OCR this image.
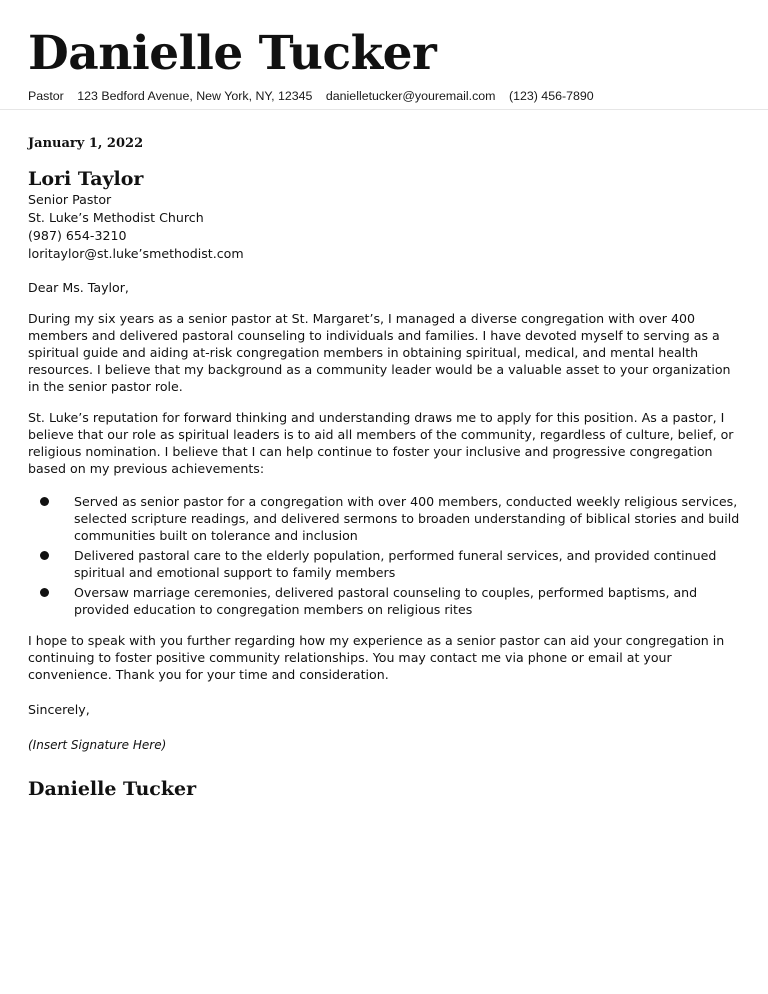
Danielle Tucker
Pastor 123 Bedford Avenue, New York, NY, 12345 danielletucker@youremail.com (123) 456-7890
January 1, 2022
Lori Taylor
Senior Pastor
St. Luke’s Methodist Church
(987) 654-3210
loritaylor@st.luke’smethodist.com

Dear Ms. Taylor,

During my six years as a senior pastor at St. Margaret’s, I managed a diverse congregation with over 400 members and delivered pastoral counseling to individuals and families. I have devoted myself to serving as a spiritual guide and aiding at-risk congregation members in obtaining spiritual, medical, and mental health resources. I believe that my background as a community leader would be a valuable asset to your organization in the senior pastor role.

St. Luke’s reputation for forward thinking and understanding draws me to apply for this position. As a pastor, I believe that our role as spiritual leaders is to aid all members of the community, regardless of culture, belief, or religious nomination. I believe that I can help continue to foster your inclusive and progressive congregation based on my previous achievements:

Served as senior pastor for a congregation with over 400 members, conducted weekly religious services, selected scripture readings, and delivered sermons to broaden understanding of biblical stories and build communities built on tolerance and inclusion
Delivered pastoral care to the elderly population, performed funeral services, and provided continued spiritual and emotional support to family members
Oversaw marriage ceremonies, delivered pastoral counseling to couples, performed baptisms, and provided education to congregation members on religious rites

I hope to speak with you further regarding how my experience as a senior pastor can aid your congregation in continuing to foster positive community relationships. You may contact me via phone or email at your convenience. Thank you for your time and consideration.

Sincerely,

(Insert Signature Here)
Danielle Tucker
